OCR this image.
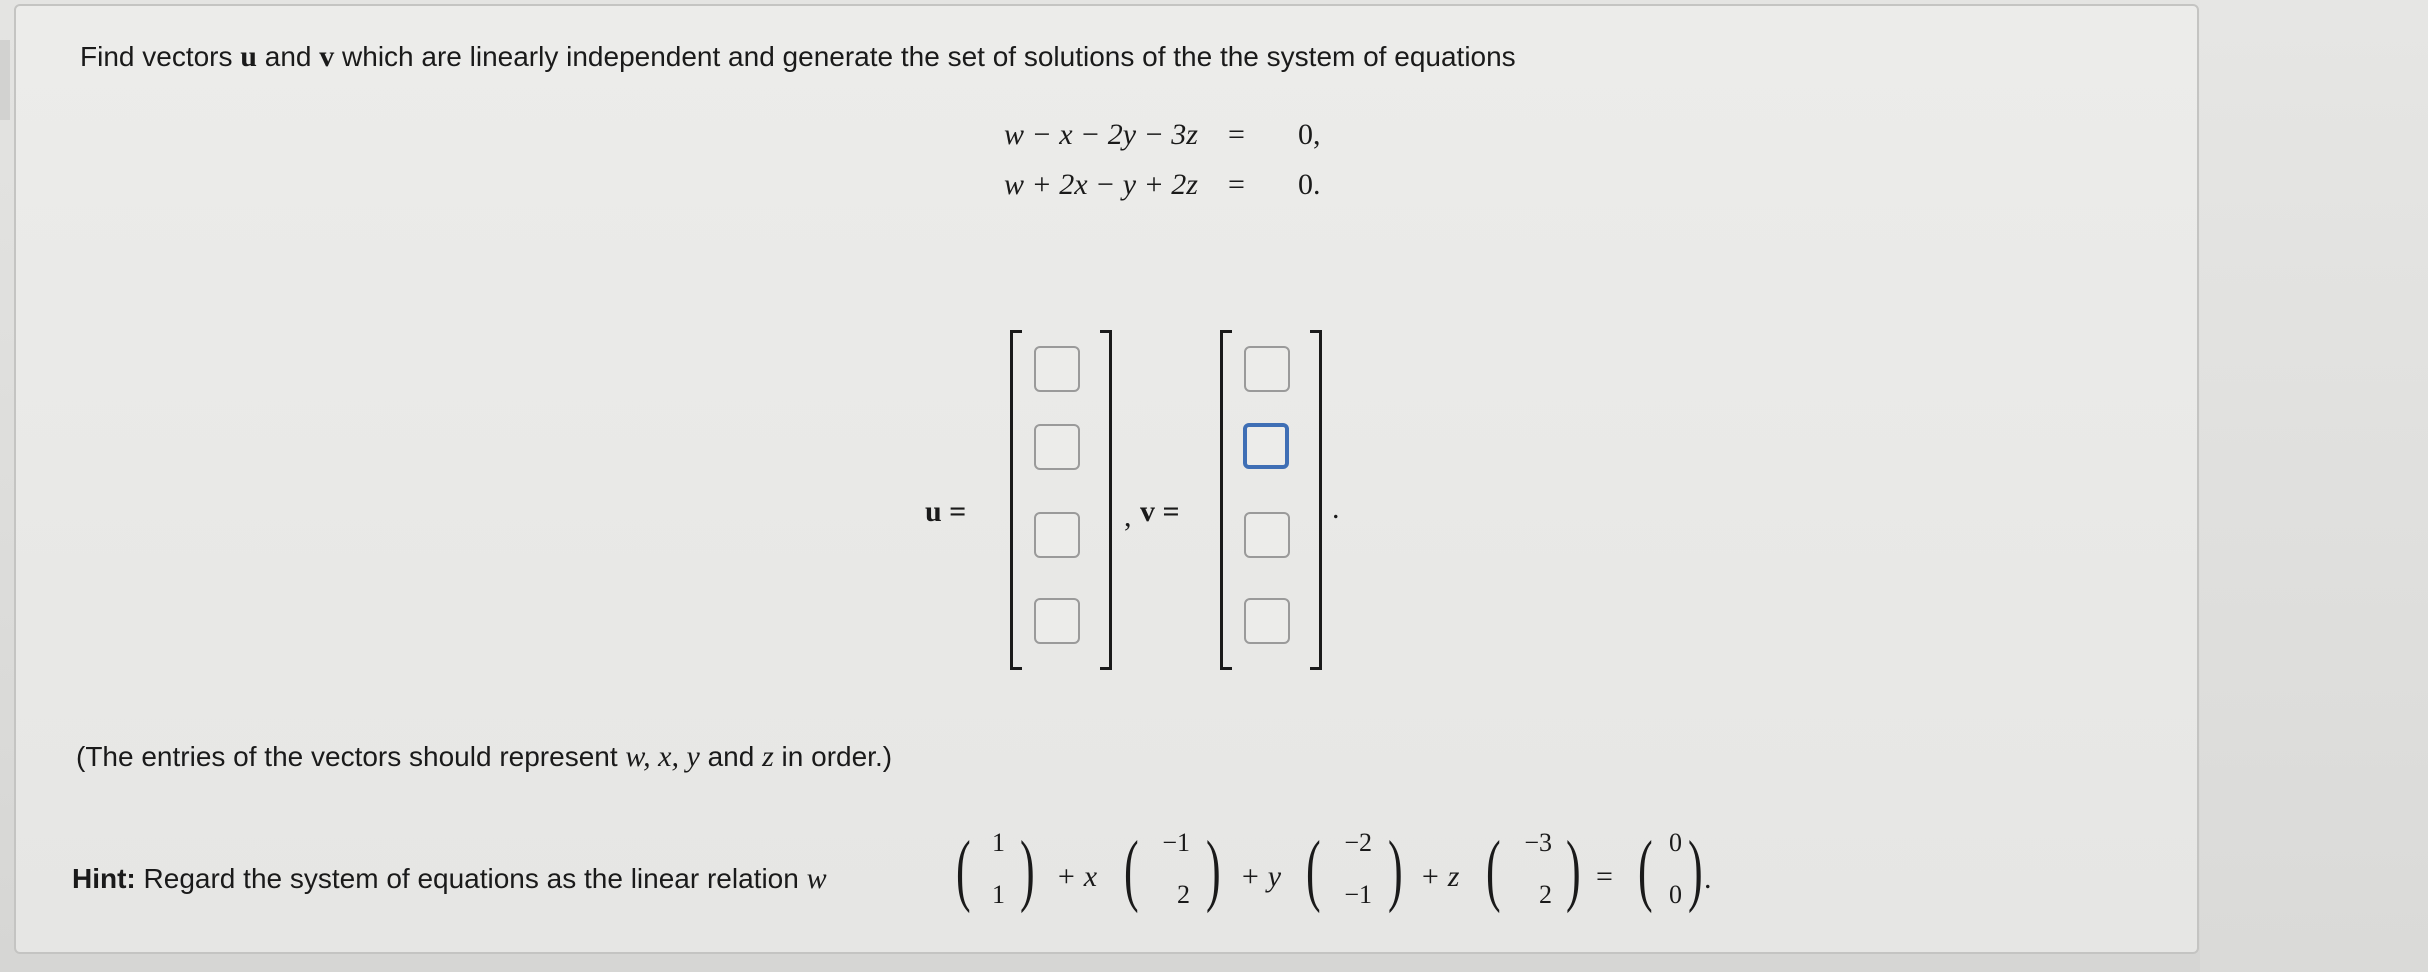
Find vectors u and v which are linearly independent and generate the set of solutions of the the system of equations
w − x − 2y − 3z = 0,
w + 2x − y + 2z = 0.
u =	, v =	.
(The entries of the vectors should represent w, x, y and z in order.)
Hint: Regard the system of equations as the linear relation w ( 1
1 ) + x ( −1
2 ) + y ( −2
−1 ) + z ( −3
2 ) = ( 0
0 ) .
